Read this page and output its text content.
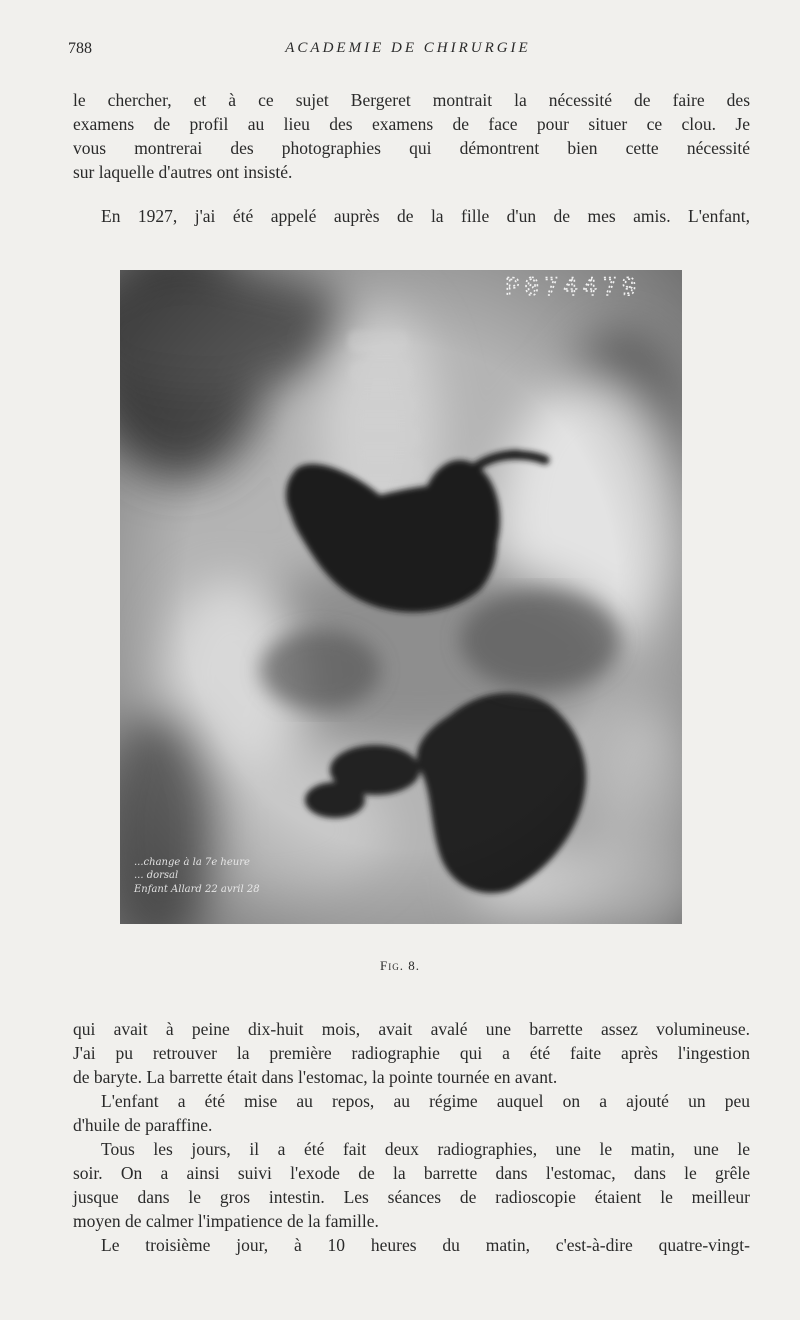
788	ACADEMIE DE CHIRURGIE

le chercher, et à ce sujet Bergeret montrait la nécessité de faire des
examens de profil au lieu des examens de face pour situer ce clou. Je
vous montrerai des photographies qui démontrent bien cette nécessité
sur laquelle d'autres ont insisté.

En 1927, j'ai été appelé auprès de la fille d'un de mes amis. L'enfant,

P074479
...change à la 7e heure
... dorsal
Enfant Allard 22 avril 28
Fig. 8.

qui avait à peine dix-huit mois, avait avalé une barrette assez volumineuse.
J'ai pu retrouver la première radiographie qui a été faite après l'ingestion
de baryte. La barrette était dans l'estomac, la pointe tournée en avant.
L'enfant a été mise au repos, au régime auquel on a ajouté un peu
d'huile de paraffine.
Tous les jours, il a été fait deux radiographies, une le matin, une le
soir. On a ainsi suivi l'exode de la barrette dans l'estomac, dans le grêle
jusque dans le gros intestin. Les séances de radioscopie étaient le meilleur
moyen de calmer l'impatience de la famille.
Le troisième jour, à 10 heures du matin, c'est-à-dire quatre-vingt-
